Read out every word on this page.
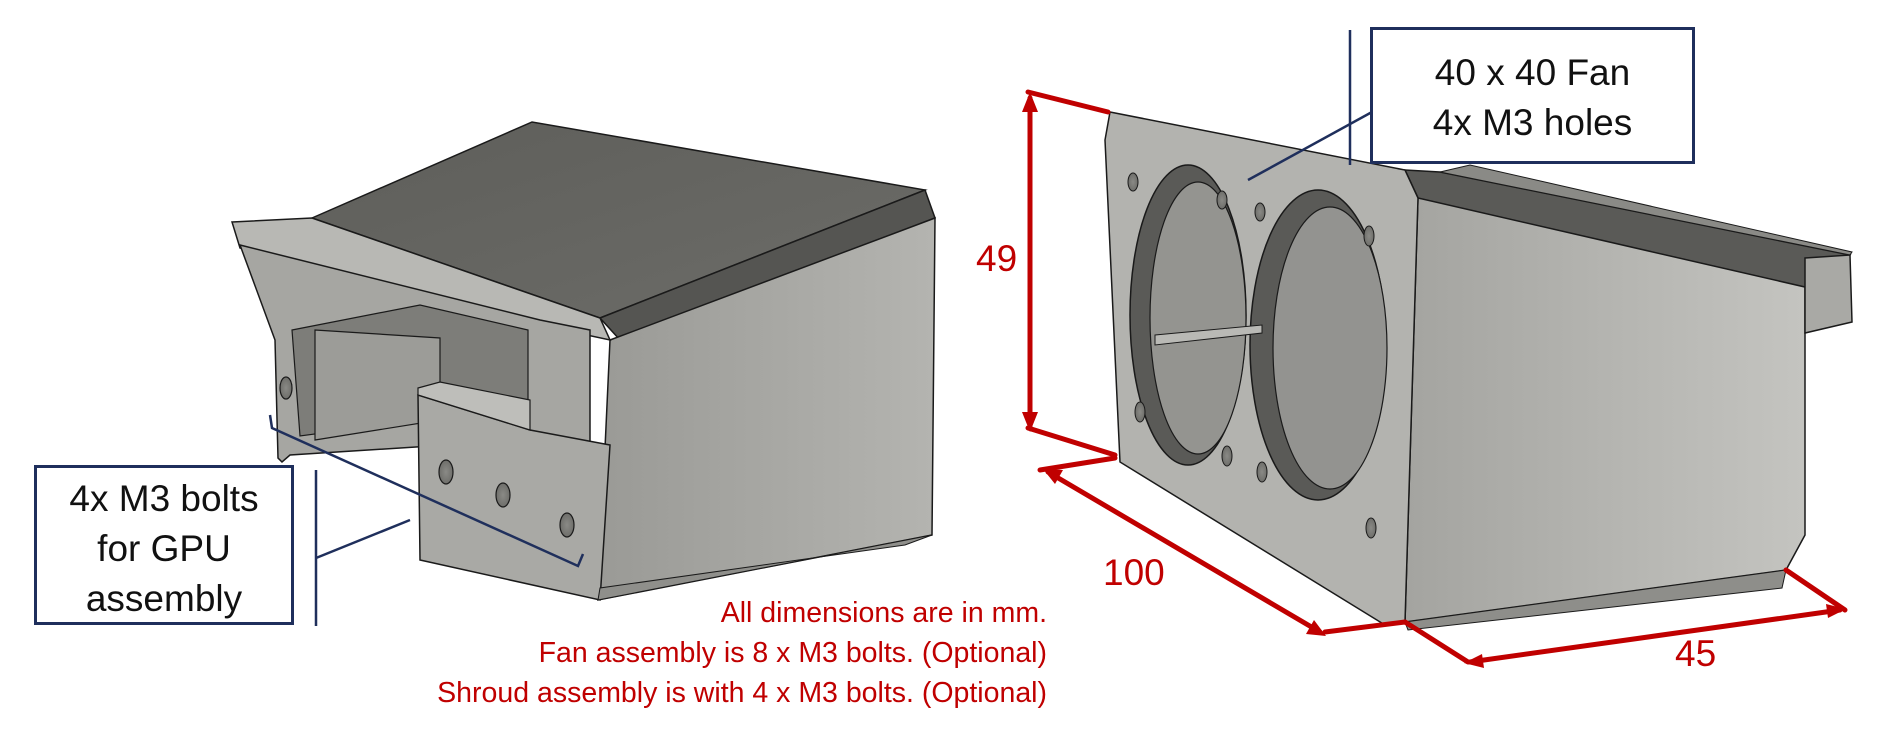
4x M3 bolts
for GPU
assembly
40 x 40 Fan
4x M3 holes
49
100
45
All dimensions are in mm.
Fan assembly is 8 x M3 bolts. (Optional)
Shroud assembly is with 4 x M3 bolts. (Optional)
